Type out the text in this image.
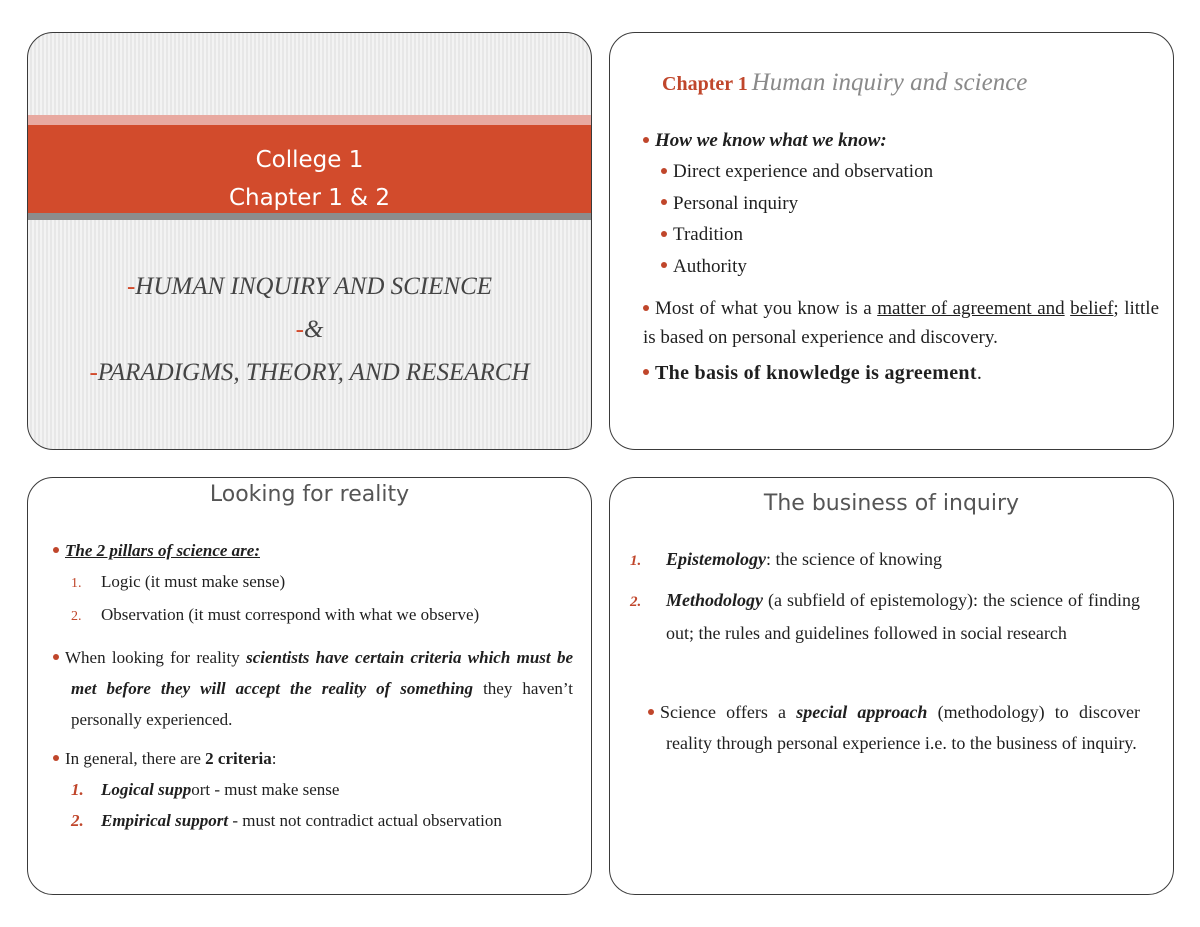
College 1
Chapter 1 & 2
-HUMAN INQUIRY AND SCIENCE
-&
-PARADIGMS, THEORY, AND RESEARCH
Chapter 1 Human inquiry and science
How we know what we know:
Direct experience and observation
Personal inquiry
Tradition
Authority
Most of what you know is a matter of agreement and belief; little is based on personal experience and discovery.
The basis of knowledge is agreement.
Looking for reality
The 2 pillars of science are:
1. Logic (it must make sense)
2. Observation (it must correspond with what we observe)
When looking for reality scientists have certain criteria which must be met before they will accept the reality of something they haven’t personally experienced.
In general, there are 2 criteria:
1. Logical support - must make sense
2. Empirical support - must not contradict actual observation
The business of inquiry
1. Epistemology: the science of knowing
2. Methodology (a subfield of epistemology): the science of finding out; the rules and guidelines followed in social research
Science offers a special approach (methodology) to discover reality through personal experience i.e. to the business of inquiry.
